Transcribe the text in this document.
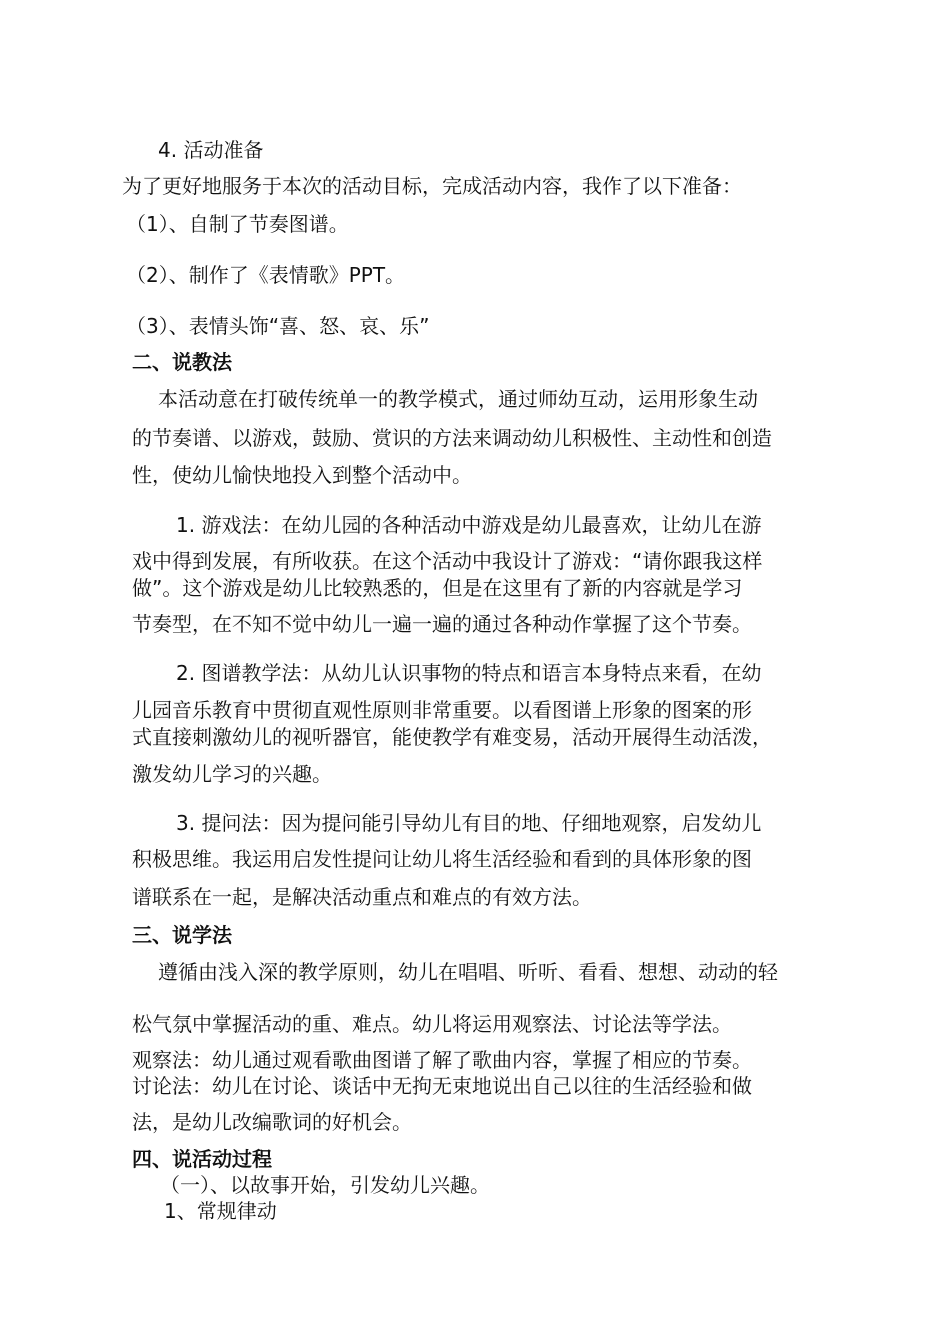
4. 活动准备
为了更好地服务于本次的活动目标，完成活动内容，我作了以下准备：
（1）、自制了节奏图谱。
（2）、制作了《表情歌》PPT。
（3）、表情头饰“喜、怒、哀、乐”
二、说教法
本活动意在打破传统单一的教学模式，通过师幼互动，运用形象生动
的节奏谱、以游戏，鼓励、赏识的方法来调动幼儿积极性、主动性和创造
性，使幼儿愉快地投入到整个活动中。
1. 游戏法：在幼儿园的各种活动中游戏是幼儿最喜欢，让幼儿在游
戏中得到发展，有所收获。在这个活动中我设计了游戏：“请你跟我这样
做”。这个游戏是幼儿比较熟悉的，但是在这里有了新的内容就是学习
节奏型，在不知不觉中幼儿一遍一遍的通过各种动作掌握了这个节奏。
2. 图谱教学法：从幼儿认识事物的特点和语言本身特点来看，在幼
儿园音乐教育中贯彻直观性原则非常重要。以看图谱上形象的图案的形
式直接刺激幼儿的视听器官，能使教学有难变易，活动开展得生动活泼，
激发幼儿学习的兴趣。
3. 提问法：因为提问能引导幼儿有目的地、仔细地观察，启发幼儿
积极思维。我运用启发性提问让幼儿将生活经验和看到的具体形象的图
谱联系在一起，是解决活动重点和难点的有效方法。
三、说学法
遵循由浅入深的教学原则，幼儿在唱唱、听听、看看、想想、动动的轻
松气氛中掌握活动的重、难点。幼儿将运用观察法、讨论法等学法。
观察法：幼儿通过观看歌曲图谱了解了歌曲内容，掌握了相应的节奏。
讨论法：幼儿在讨论、谈话中无拘无束地说出自己以往的生活经验和做
法，是幼儿改编歌词的好机会。
四、说活动过程
（一）、以故事开始，引发幼儿兴趣。
1、常规律动
